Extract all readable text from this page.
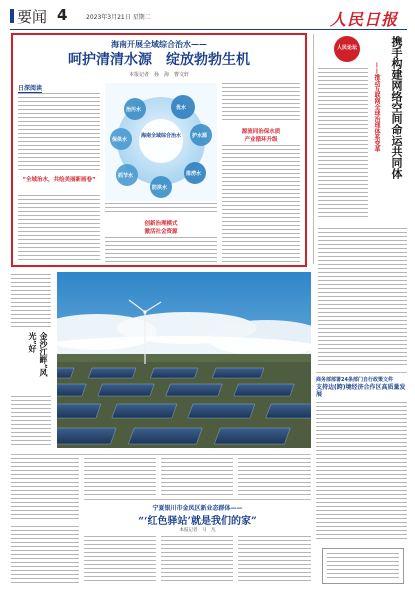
要闻 4	2023年3月21日 星期二	人民日报
海南开展全域综合治水——
呵护清清水源　绽放勃勃生机
本报记者　孙　海　曹文轩
日深阅读
“全域治水，共绘美丽新画卷”
海南全域综合治水
治污水	优水
护水源
保供水
排涝水
抓节水
防洪水
创新治理模式
激活社会资源
源流同治保水质
产业循环升级
人民论坛	携手构建网络空间命运共同体
——推动互联网全球治理体系变革
金沙江畔“风光”好
商务部部署24条部门自行政策文件
支持边(跨)境经济合作区高质量发展
宁夏银川市金凤区新业态群体——
“‘红色驿站’就是我们的家”
本报记者　马　凡
